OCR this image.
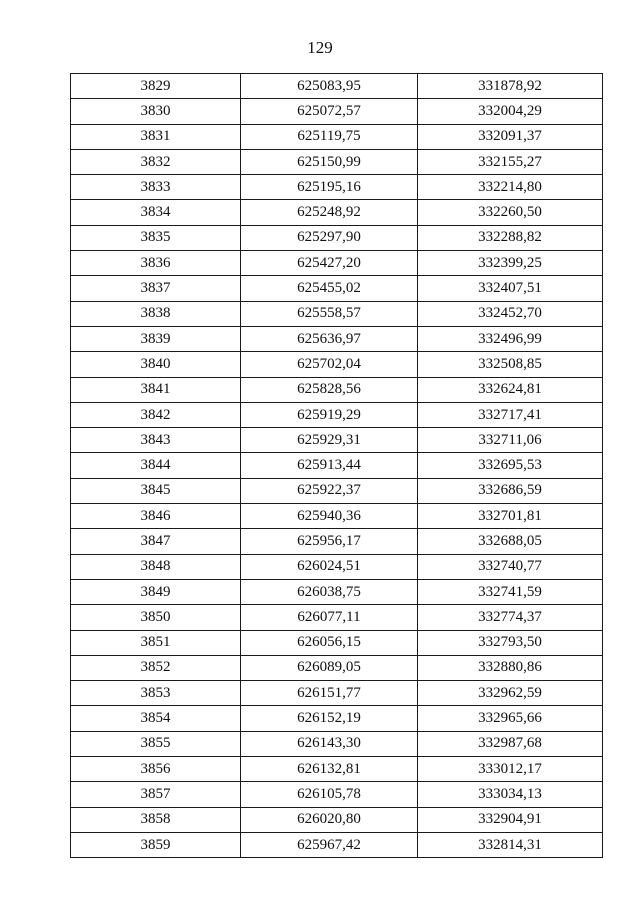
129
3829	625083,95	331878,92
3830	625072,57	332004,29
3831	625119,75	332091,37
3832	625150,99	332155,27
3833	625195,16	332214,80
3834	625248,92	332260,50
3835	625297,90	332288,82
3836	625427,20	332399,25
3837	625455,02	332407,51
3838	625558,57	332452,70
3839	625636,97	332496,99
3840	625702,04	332508,85
3841	625828,56	332624,81
3842	625919,29	332717,41
3843	625929,31	332711,06
3844	625913,44	332695,53
3845	625922,37	332686,59
3846	625940,36	332701,81
3847	625956,17	332688,05
3848	626024,51	332740,77
3849	626038,75	332741,59
3850	626077,11	332774,37
3851	626056,15	332793,50
3852	626089,05	332880,86
3853	626151,77	332962,59
3854	626152,19	332965,66
3855	626143,30	332987,68
3856	626132,81	333012,17
3857	626105,78	333034,13
3858	626020,80	332904,91
3859	625967,42	332814,31
